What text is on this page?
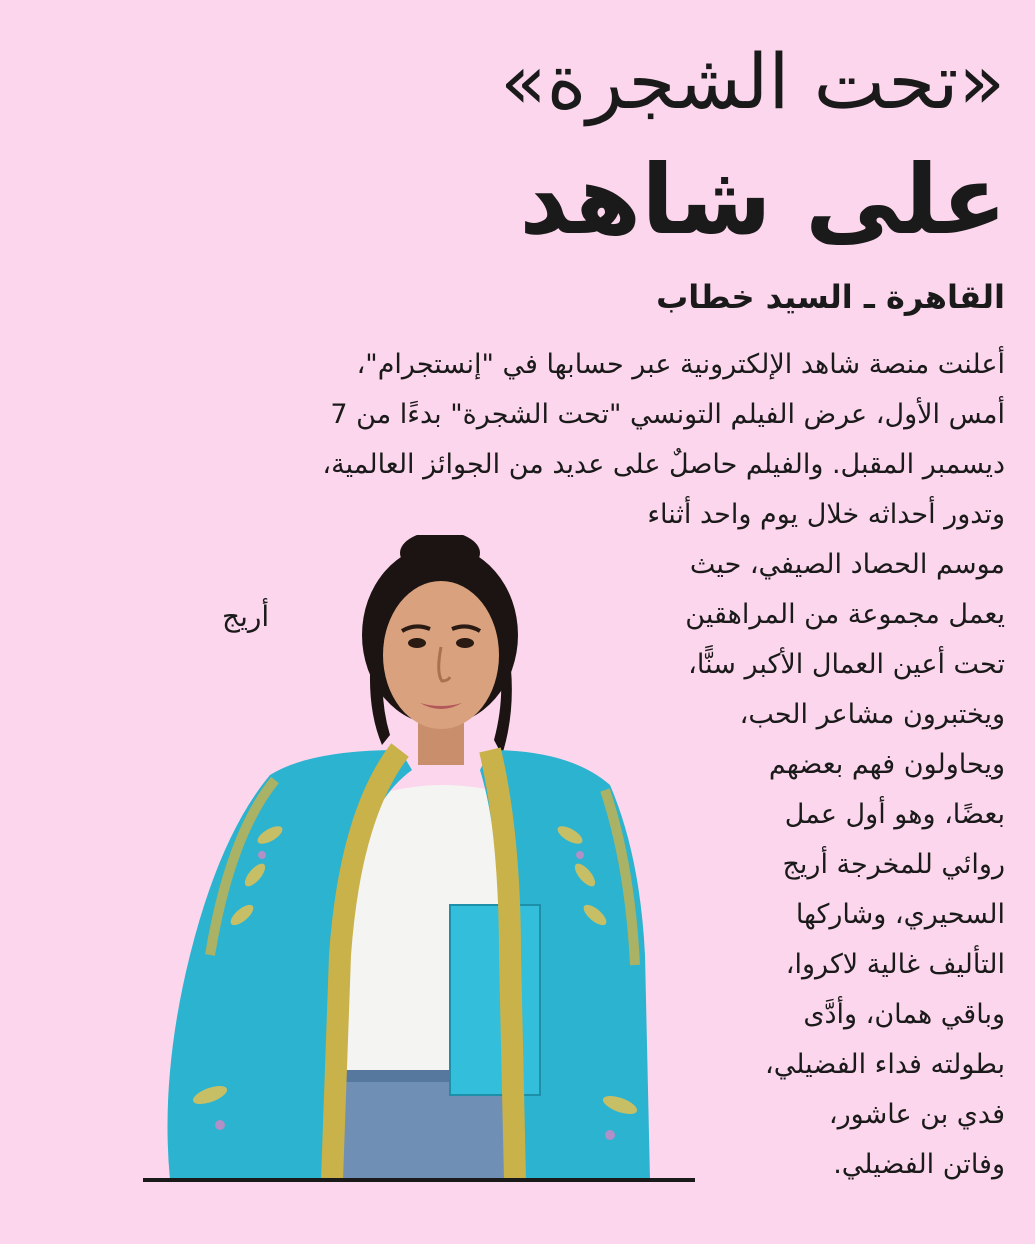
«تحت الشجرة»
على شاهد
القاهرة ـ السيد خطاب
أعلنت منصة شاهد الإلكترونية عبر حسابها في "إنستجرام"،
أمس الأول، عرض الفيلم التونسي "تحت الشجرة" بدءًا من 7
ديسمبر المقبل. والفيلم حاصلٌ على عديد من الجوائز العالمية،
وتدور أحداثه خلال يوم واحد أثناء
موسم الحصاد الصيفي، حيث
يعمل مجموعة من المراهقين
تحت أعين العمال الأكبر سنًّا،
ويختبرون مشاعر الحب،
ويحاولون فهم بعضهم
بعضًا، وهو أول عمل
روائي للمخرجة أريج
السحيري، وشاركها
التأليف غالية لاكروا،
وباقي همان، وأدَّى
بطولته فداء الفضيلي،
فدي بن عاشور،
وفاتن الفضيلي.
أريج
